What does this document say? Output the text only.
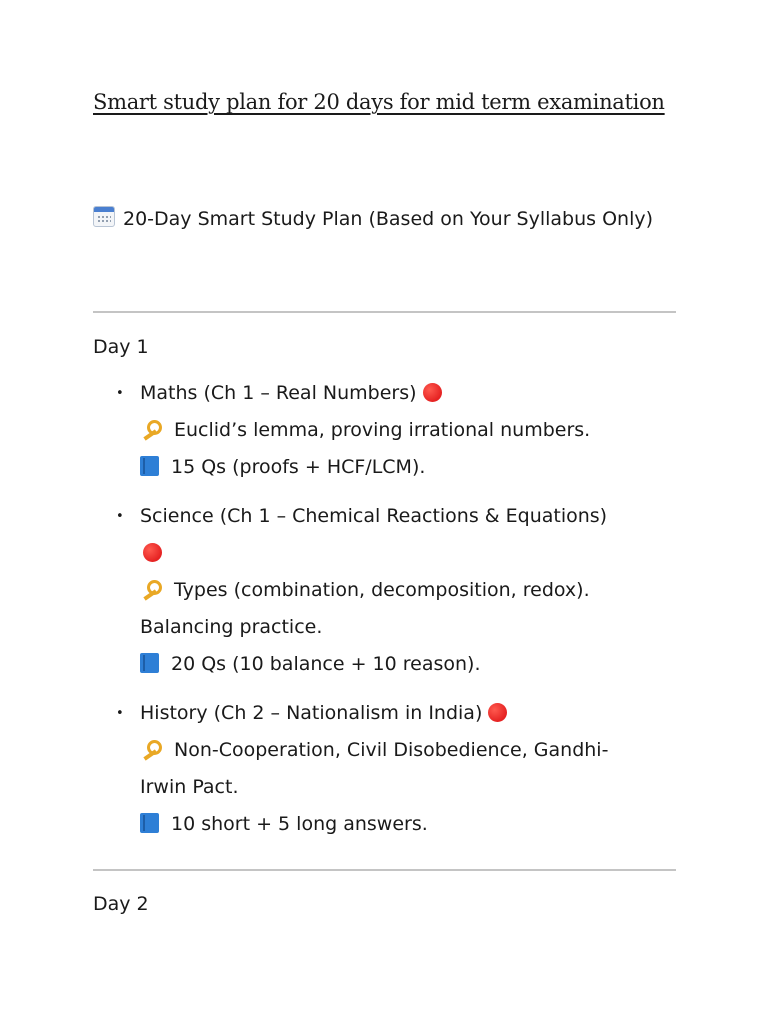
Smart study plan for 20 days for mid term examination
20-Day Smart Study Plan (Based on Your Syllabus Only)
Day 1
• Maths (Ch 1 – Real Numbers)
Euclid’s lemma, proving irrational numbers.
15 Qs (proofs + HCF/LCM).
• Science (Ch 1 – Chemical Reactions & Equations)
Types (combination, decomposition, redox). Balancing practice.
20 Qs (10 balance + 10 reason).
• History (Ch 2 – Nationalism in India)
Non-Cooperation, Civil Disobedience, Gandhi-Irwin Pact.
10 short + 5 long answers.
Day 2
